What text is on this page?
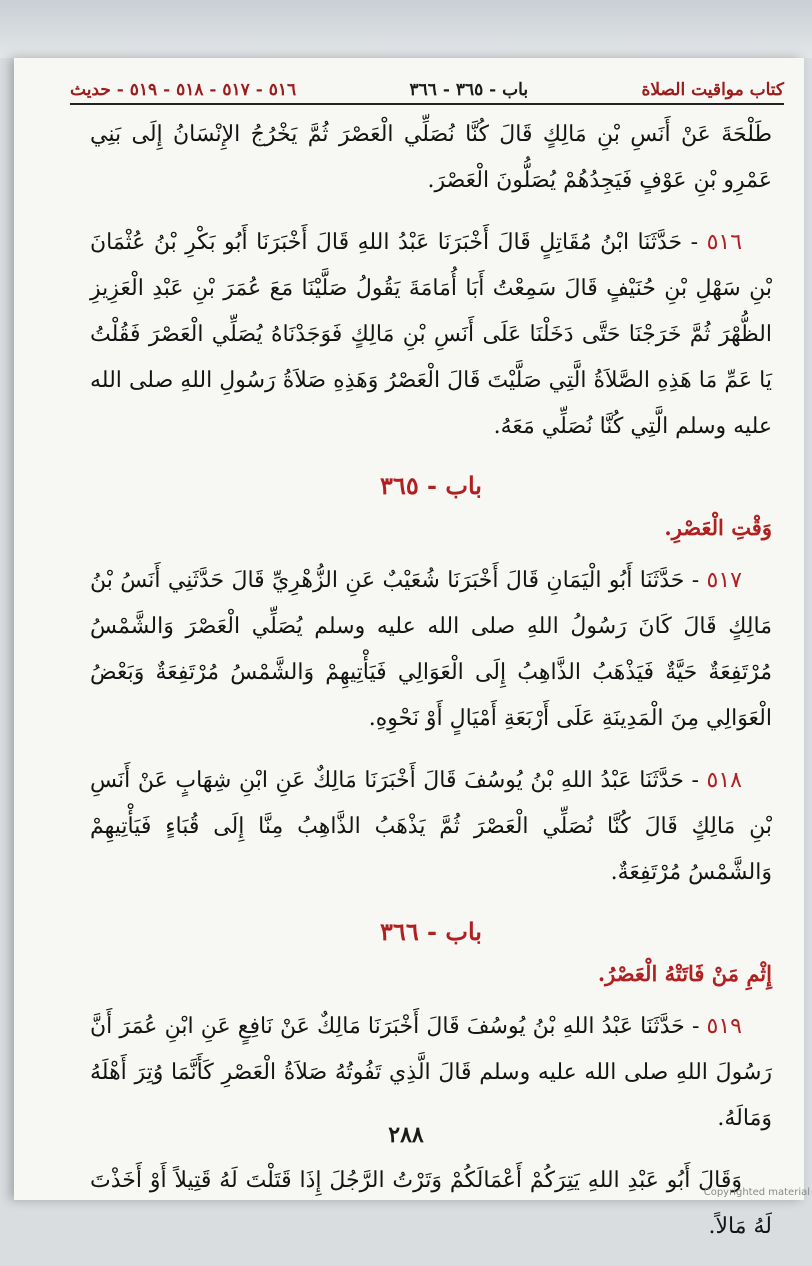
كتاب مواقيت الصلاة
باب - ٣٦٥ - ٣٦٦
٥١٦ - ٥١٧ - ٥١٨ - ٥١٩ - حديث

طَلْحَةَ عَنْ أَنَسِ بْنِ مَالِكٍ قَالَ كُنَّا نُصَلِّي الْعَصْرَ ثُمَّ يَخْرُجُ الإِنْسَانُ إِلَى بَنِي عَمْرِو بْنِ عَوْفٍ فَيَجِدُهُمْ يُصَلُّونَ الْعَصْرَ.

٥١٦ - حَدَّثَنَا ابْنُ مُقَاتِلٍ قَالَ أَخْبَرَنَا عَبْدُ اللهِ قَالَ أَخْبَرَنَا أَبُو بَكْرِ بْنُ عُثْمَانَ بْنِ سَهْلِ بْنِ حُنَيْفٍ قَالَ سَمِعْتُ أَبَا أُمَامَةَ يَقُولُ صَلَّيْنَا مَعَ عُمَرَ بْنِ عَبْدِ الْعَزِيزِ الظُّهْرَ ثُمَّ خَرَجْنَا حَتَّى دَخَلْنَا عَلَى أَنَسِ بْنِ مَالِكٍ فَوَجَدْنَاهُ يُصَلِّي الْعَصْرَ فَقُلْتُ يَا عَمِّ مَا هَذِهِ الصَّلاَةُ الَّتِي صَلَّيْتَ قَالَ الْعَصْرُ وَهَذِهِ صَلاَةُ رَسُولِ اللهِ صلى الله عليه وسلم الَّتِي كُنَّا نُصَلِّي مَعَهُ.

باب - ٣٦٥
وَقْتِ الْعَصْرِ.

٥١٧ - حَدَّثَنَا أَبُو الْيَمَانِ قَالَ أَخْبَرَنَا شُعَيْبٌ عَنِ الزُّهْرِيِّ قَالَ حَدَّثَنِي أَنَسُ بْنُ مَالِكٍ قَالَ كَانَ رَسُولُ اللهِ صلى الله عليه وسلم يُصَلِّي الْعَصْرَ وَالشَّمْسُ مُرْتَفِعَةٌ حَيَّةٌ فَيَذْهَبُ الذَّاهِبُ إِلَى الْعَوَالِي فَيَأْتِيهِمْ وَالشَّمْسُ مُرْتَفِعَةٌ وَبَعْضُ الْعَوَالِي مِنَ الْمَدِينَةِ عَلَى أَرْبَعَةِ أَمْيَالٍ أَوْ نَحْوِهِ.

٥١٨ - حَدَّثَنَا عَبْدُ اللهِ بْنُ يُوسُفَ قَالَ أَخْبَرَنَا مَالِكٌ عَنِ ابْنِ شِهَابٍ عَنْ أَنَسِ بْنِ مَالِكٍ قَالَ كُنَّا نُصَلِّي الْعَصْرَ ثُمَّ يَذْهَبُ الذَّاهِبُ مِنَّا إِلَى قُبَاءٍ فَيَأْتِيهِمْ وَالشَّمْسُ مُرْتَفِعَةٌ.

باب - ٣٦٦
إِثْمِ مَنْ فَاتَتْهُ الْعَصْرُ.

٥١٩ - حَدَّثَنَا عَبْدُ اللهِ بْنُ يُوسُفَ قَالَ أَخْبَرَنَا مَالِكٌ عَنْ نَافِعٍ عَنِ ابْنِ عُمَرَ أَنَّ رَسُولَ اللهِ صلى الله عليه وسلم قَالَ الَّذِي تَفُوتُهُ صَلاَةُ الْعَصْرِ كَأَنَّمَا وُتِرَ أَهْلَهُ وَمَالَهُ.

وَقَالَ أَبُو عَبْدِ اللهِ يَتِرَكُمْ أَعْمَالَكُمْ وَتَرْتُ الرَّجُلَ إِذَا قَتَلْتَ لَهُ قَتِيلاً أَوْ أَخَذْتَ لَهُ مَالاً.

٢٨٨
Copyrighted material
